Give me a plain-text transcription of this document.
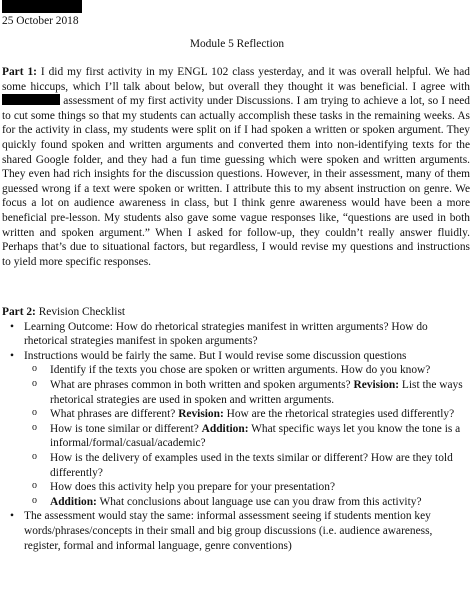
25 October 2018
Module 5 Reflection
Part 1: I did my first activity in my ENGL 102 class yesterday, and it was overall helpful. We had some hiccups, which I’ll talk about below, but overall they thought it was beneficial. I agree with  assessment of my first activity under Discussions. I am trying to achieve a lot, so I need to cut some things so that my students can actually accomplish these tasks in the remaining weeks. As for the activity in class, my students were split on if I had spoken a written or spoken argument. They quickly found spoken and written arguments and converted them into non-identifying texts for the shared Google folder, and they had a fun time guessing which were spoken and written arguments. They even had rich insights for the discussion questions. However, in their assessment, many of them guessed wrong if a text were spoken or written. I attribute this to my absent instruction on genre. We focus a lot on audience awareness in class, but I think genre awareness would have been a more beneficial pre-lesson. My students also gave some vague responses like, “questions are used in both written and spoken argument.” When I asked for follow-up, they couldn’t really answer fluidly. Perhaps that’s due to situational factors, but regardless, I would revise my questions and instructions to yield more specific responses.
Part 2: Revision Checklist
• Learning Outcome: How do rhetorical strategies manifest in written arguments? How do rhetorical strategies manifest in spoken arguments?
• Instructions would be fairly the same. But I would revise some discussion questions
o Identify if the texts you chose are spoken or written arguments. How do you know?
o What are phrases common in both written and spoken arguments? Revision: List the ways rhetorical strategies are used in spoken and written arguments.
o What phrases are different? Revision: How are the rhetorical strategies used differently?
o How is tone similar or different? Addition: What specific ways let you know the tone is a informal/formal/casual/academic?
o How is the delivery of examples used in the texts similar or different? How are they told differently?
o How does this activity help you prepare for your presentation?
o Addition: What conclusions about language use can you draw from this activity?
• The assessment would stay the same: informal assessment seeing if students mention key words/phrases/concepts in their small and big group discussions (i.e. audience awareness, register, formal and informal language, genre conventions)
